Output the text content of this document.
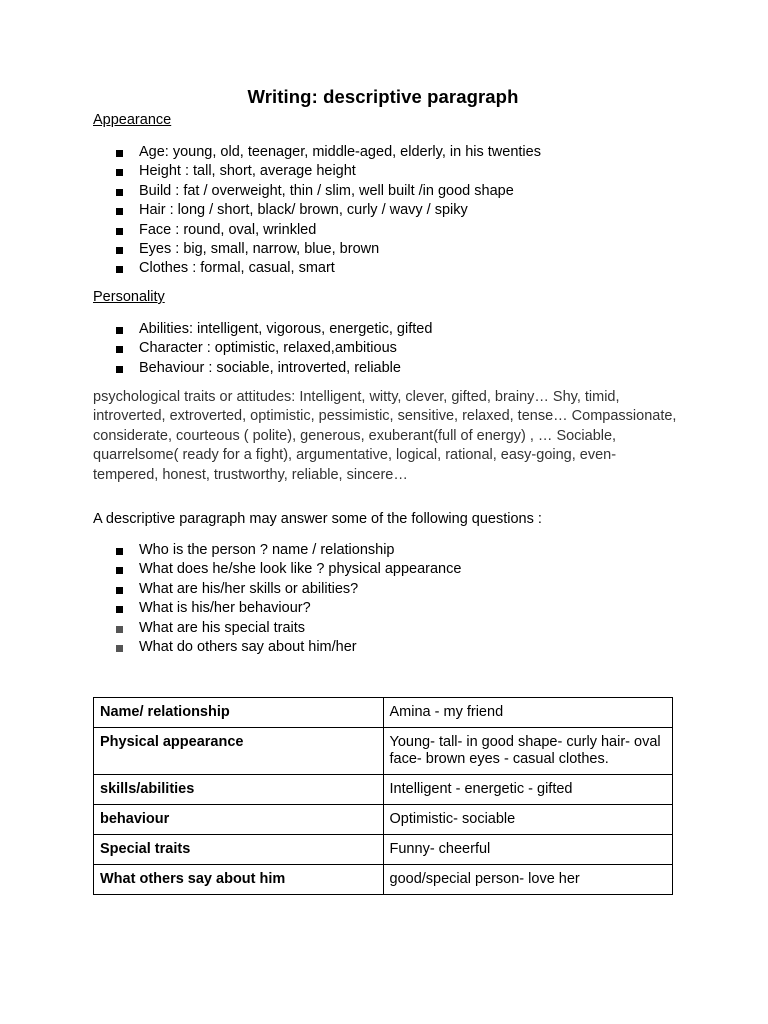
Writing: descriptive paragraph
Appearance
Age: young, old, teenager, middle-aged, elderly, in his twenties
Height : tall, short, average height
Build : fat / overweight, thin / slim, well built /in good shape
Hair : long / short, black/ brown, curly / wavy / spiky
Face : round, oval, wrinkled
Eyes : big, small, narrow, blue, brown
Clothes : formal, casual, smart
Personality
Abilities: intelligent, vigorous, energetic, gifted
Character : optimistic, relaxed,ambitious
Behaviour : sociable, introverted, reliable
psychological traits or attitudes: Intelligent, witty, clever, gifted, brainy… Shy, timid, introverted, extroverted, optimistic, pessimistic, sensitive, relaxed, tense… Compassionate, considerate, courteous ( polite), generous, exuberant(full of energy) , … Sociable, quarrelsome( ready for a fight), argumentative, logical, rational, easy-going, even-tempered, honest, trustworthy, reliable, sincere…
A descriptive paragraph may answer some of the following questions :
Who is the person ? name / relationship
What does he/she look like ? physical appearance
What are his/her skills or abilities?
What is his/her behaviour?
What are his special traits
What do others say about him/her
Name/ relationship	Amina - my friend
Physical appearance	Young- tall- in good shape- curly hair- oval face- brown eyes - casual clothes.
skills/abilities	Intelligent - energetic - gifted
behaviour	Optimistic- sociable
Special traits	Funny- cheerful
What others say about him	good/special person- love her
